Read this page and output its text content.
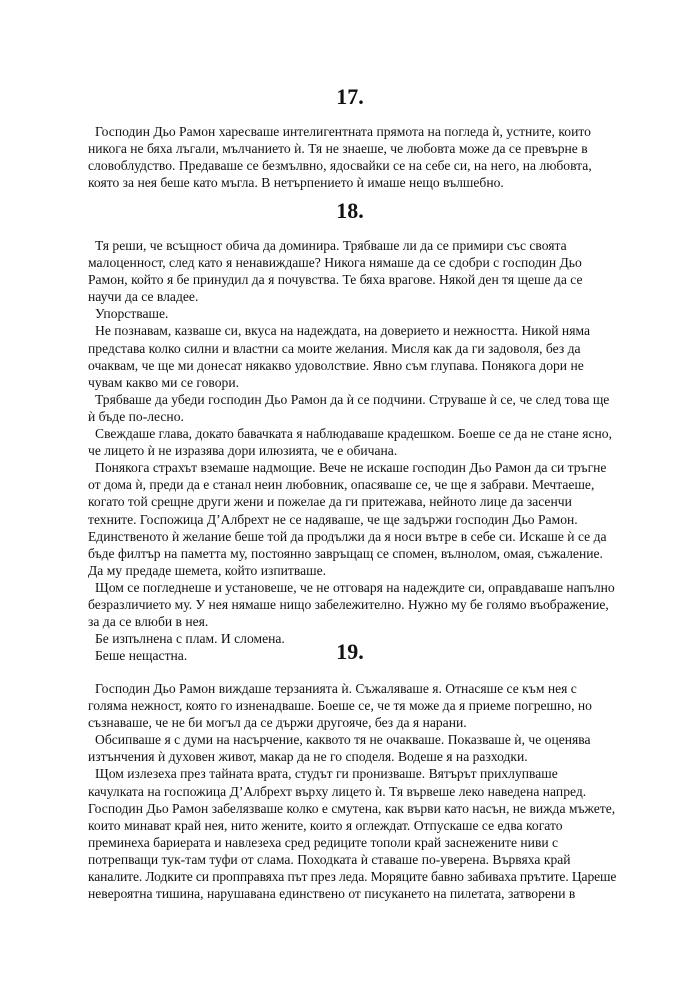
17.

Господин Дьо Рамон харесваше интелигентната прямота на погледа ѝ, устните, които
никога не бяха лъгали, мълчанието ѝ. Тя не знаеше, че любовта може да се превърне в
словоблудство. Предаваше се безмълвно, ядосвайки се на себе си, на него, на любовта,
която за нея беше като мъгла. В нетърпението ѝ имаше нещо вълшебно.

18.

Тя реши, че всъщност обича да доминира. Трябваше ли да се примири със своята
малоценност, след като я ненавиждаше? Никога нямаше да се сдобри с господин Дьо
Рамон, който я бе принудил да я почувства. Те бяха врагове. Някой ден тя щеше да се
научи да се владее.

Упорстваше.

Не познавам, казваше си, вкуса на надеждата, на доверието и нежността. Никой няма
представа колко силни и властни са моите желания. Мисля как да ги задоволя, без да
очаквам, че ще ми донесат някакво удоволствие. Явно съм глупава. Понякога дори не
чувам какво ми се говори.

Трябваше да убеди господин Дьо Рамон да ѝ се подчини. Струваше ѝ се, че след това ще
ѝ бъде по-лесно.

Свеждаше глава, докато бавачката я наблюдаваше крадешком. Боеше се да не стане ясно,
че лицето ѝ не изразява дори илюзията, че е обичана.

Понякога страхът вземаше надмощие. Вече не искаше господин Дьо Рамон да си тръгне
от дома ѝ, преди да е станал неин любовник, опасяваше се, че ще я забрави. Мечтаеше,
когато той срещне други жени и пожелае да ги притежава, нейното лице да засенчи
техните. Госпожица Д’Албрехт не се надяваше, че ще задържи господин Дьо Рамон.
Единственото ѝ желание беше той да продължи да я носи вътре в себе си. Искаше ѝ се да
бъде филтър на паметта му, постоянно завръщащ се спомен, вълнолом, омая, съжаление.
Да му предаде шемета, който изпитваше.

Щом се погледнеше и установеше, че не отговаря на надеждите си, оправдаваше напълно
безразличието му. У нея нямаше нищо забележително. Нужно му бе голямо въображение,
за да се влюби в нея.

Бе изпълнена с плам. И сломена.

Беше нещастна.	19.

Господин Дьо Рамон виждаше терзанията ѝ. Съжаляваше я. Отнасяше се към нея с
голяма нежност, която го изненадваше. Боеше се, че тя може да я приеме погрешно, но
съзнаваше, че не би могъл да се държи другояче, без да я нарани.

Обсипваше я с думи на насърчение, каквото тя не очакваше. Показваше ѝ, че оценява
изтънчения ѝ духовен живот, макар да не го споделя. Водеше я на разходки.

Щом излезеха през тайната врата, студът ги пронизваше. Вятърът прихлупваше
качулката на госпожица Д’Албрехт върху лицето ѝ. Тя вървеше леко наведена напред.
Господин Дьо Рамон забелязваше колко е смутена, как върви като насън, не вижда мъжете,
които минават край нея, нито жените, които я оглеждат. Отпускаше се едва когато
преминеха бариерата и навлезеха сред редиците тополи край заснежените ниви с
потрепващи тук-там туфи от слама. Походката ѝ ставаше по-уверена. Вървяха край
каналите. Лодките си пропправяха път през леда. Моряците бавно забиваха прътите. Цареше
невероятна тишина, нарушавана единствено от писукането на пилетата, затворени в
